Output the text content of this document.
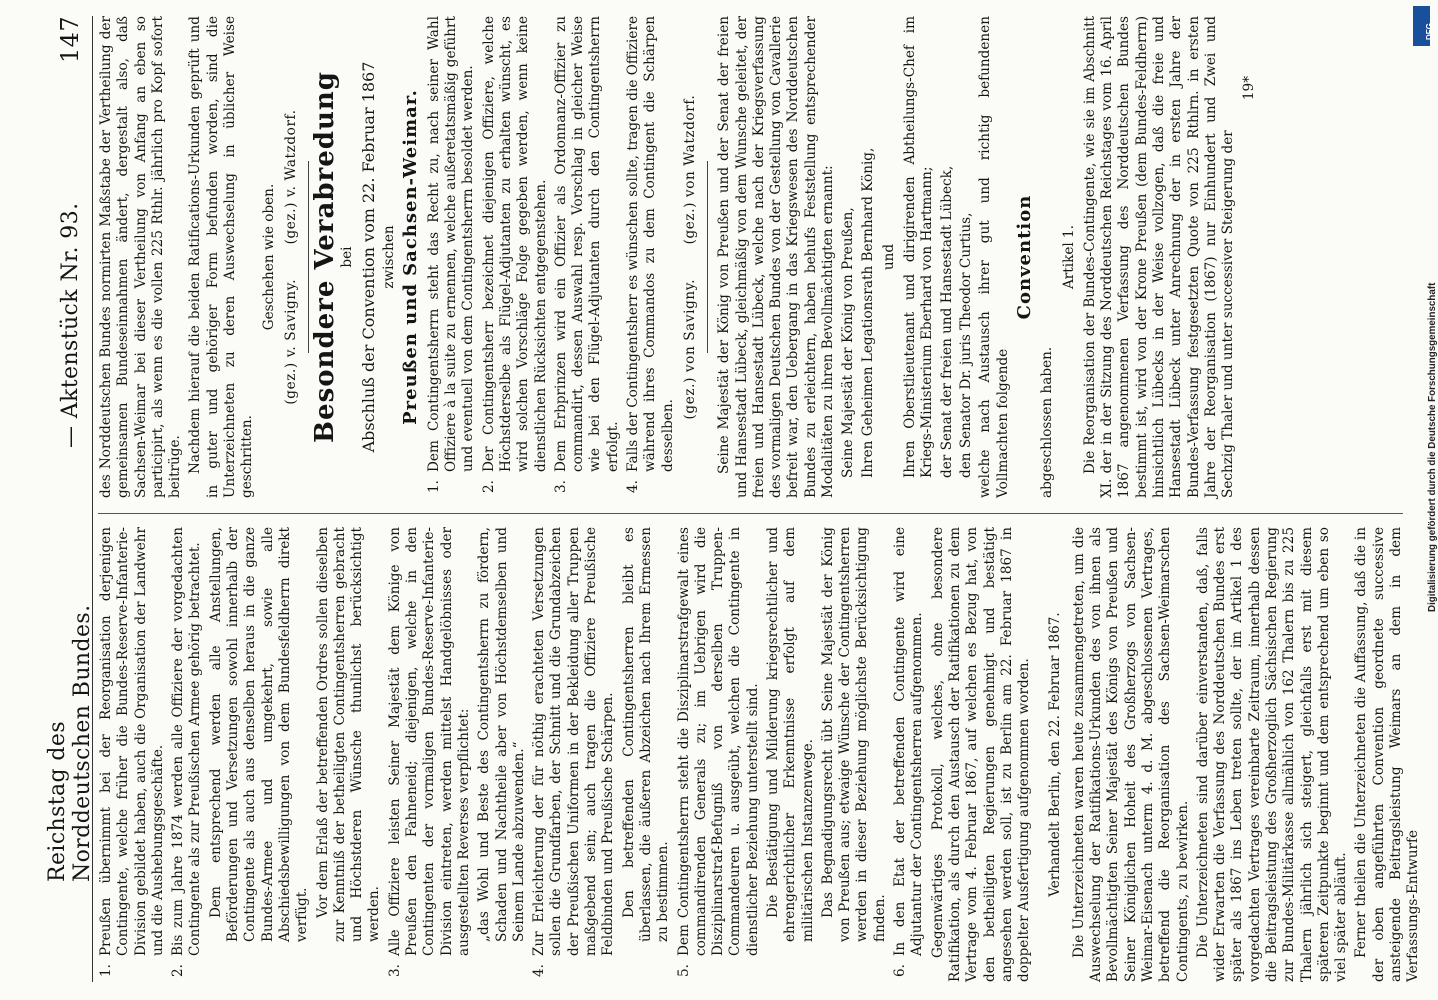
Reichstag des Norddeutschen Bundes.
— Aktenstück Nr. 93.
147
1.
Preußen übernimmt bei der Reorganisation derjenigen Contingente, welche früher die Bundes-Reserve-Infanterie-Division gebildet haben, auch die Organisation der Landwehr und die Aushebungsgeschäfte.
2.
Bis zum Jahre 1874 werden alle Offiziere der vorgedachten Contingente als zur Preußischen Armee gehörig betrachtet. Dem entsprechend werden alle Anstellungen, Beförderungen und Versetzungen sowohl innerhalb der Contingente als auch aus denselben heraus in die ganze Bundes-Armee und umgekehrt, sowie alle Abschiedsbewilligungen von dem Bundesfeldherrn direkt verfügt. Vor dem Erlaß der betreffenden Ordres sollen dieselben zur Kenntniß der betheiligten Contingentsherren gebracht und Höchstderen Wünsche thunlichst berücksichtigt werden.

3.
Alle Offiziere leisten Seiner Majestät dem Könige von Preußen den Fahneneid; diejenigen, welche in den Contingenten der vormaligen Bundes-Reserve-Infanterie-Division eintreten, werden mittelst Handgelöbnisses oder ausgestellten Reverses verpflichtet: „das Wohl und Beste des Contingentsherrn zu fördern, Schaden und Nachtheile aber von Höchstdemselben und Seinem Lande abzuwenden.“

4.
Zur Erleichterung der für nöthig erachteten Versetzungen sollen die Grundfarben, der Schnitt und die Grundabzeichen der Preußischen Uniformen in der Bekleidung aller Truppen maßgebend sein; auch tragen die Offiziere Preußische Feldbinden und Preußische Schärpen. Den betreffenden Contingentsherren bleibt es überlassen, die äußeren Abzeichen nach Ihrem Ermessen zu bestimmen.

5.
Dem Contingentsherrn steht die Disziplinarstrafgewalt eines commandirenden Generals zu; im Uebrigen wird die Disziplinarstraf-Befugniß von derselben Truppen-Commandeuren u. ausgeübt, welchen die Contingente in dienstlicher Beziehung unterstellt sind. Die Bestätigung und Milderung kriegsrechtlicher und ehrengerichtlicher Erkenntnisse erfolgt auf dem militärischen Instanzenwege. Das Begnadigungsrecht übt Seine Majestät der König von Preußen aus; etwaige Wünsche der Contingentsherren werden in dieser Beziehung möglichste Berücksichtigung finden.

6.
In den Etat der betreffenden Contingente wird eine Adjutantur der Contingentsherren aufgenommen. Gegenwärtiges Protokoll, welches, ohne besondere Ratifikation, als durch den Austausch der Ratifikationen zu dem Vertrage vom 4. Februar 1867, auf welchen es Bezug hat, von den betheiligten Regierungen genehmigt und bestätigt angesehen werden soll, ist zu Berlin am 22. Februar 1867 in doppelter Ausfertigung aufgenommen worden. Verhandelt Berlin, den 22. Februar 1867. Die Unterzeichneten waren heute zusammengetreten, um die Auswechselung der Ratifikations-Urkunden des von ihnen als Bevollmächtigten Seiner Majestät des Königs von Preußen und Seiner Königlichen Hoheit des Großherzogs von Sachsen-Weimar-Eisenach unterm 4. d. M. abgeschlossenen Vertrages, betreffend die Reorganisation des Sachsen-Weimarschen Contingents, zu bewirken. Die Unterzeichneten sind darüber einverstanden, daß, falls wider Erwarten die Verfassung des Norddeutschen Bundes erst später als 1867 ins Leben treten sollte, der im Artikel 1 des vorgedachten Vertrages vereinbarte Zeitraum, innerhalb dessen die Beitragsleistung des Großherzoglich Sächsischen Regierung zur Bundes-Militärkasse allmählich von 162 Thalern bis zu 225 Thalern jährlich sich steigert, gleichfalls erst mit diesem späteren Zeitpunkte beginnt und dem entsprechend um eben so viel später abläuft. Ferner theilen die Unterzeichneten die Auffassung, daß die in der oben angeführten Convention geordnete successive ansteigende Beitragsleistung Weimars an dem in dem Verfassungs-Entwurfe

des Norddeutschen Bundes normirten Maßstabe der Vertheilung der gemeinsamen Bundeseinnahmen ändert, dergestalt also, daß Sachsen-Weimar bei dieser Vertheilung von Anfang an eben so participirt, als wenn es die vollen 225 Rthlr. jährlich pro Kopf sofort beitrüge. Nachdem hierauf die beiden Ratifications-Urkunden geprüft und in guter und gehöriger Form befunden worden, sind die Unterzeichneten zu deren Auswechselung in üblicher Weise geschritten.

Geschehen wie oben.

(gez.) v. Savigny.       (gez.) v. Watzdorf. Besondere Verabredung
bei Abschluß der Convention vom 22. Februar 1867 zwischen Preußen und Sachsen-Weimar.
1.
Dem Contingentsherrn steht das Recht zu, nach seiner Wahl Offiziere à la suite zu ernennen, welche außeretatsmäßig geführt und eventuell von dem Contingentsherrn besoldet werden.
2.
Der Contingentsherr bezeichnet diejenigen Offiziere, welche Höchstderselbe als Flügel-Adjutanten zu erhalten wünscht, es wird solchen Vorschläge Folge gegeben werden, wenn keine dienstlichen Rücksichten entgegenstehen.
3.
Dem Erbprinzen wird ein Offizier als Ordonnanz-Offizier zu commandirt, dessen Auswahl resp. Vorschlag in gleicher Weise wie bei den Flügel-Adjutanten durch den Contingentsherrn erfolgt.
4.
Falls der Contingentsherr es wünschen sollte, tragen die Offiziere während ihres Commandos zu dem Contingent die Schärpen desselben.
(gez.) von Savigny.       (gez.) von Watzdorf. Seine Majestät der König von Preußen und der Senat der freien und Hansestadt Lübeck, gleichmäßig von dem Wunsche geleitet, der freien und Hansestadt Lübeck, welche nach der Kriegsverfassung des vormaligen Deutschen Bundes von der Gestellung von Cavallerie befreit war, den Uebergang in das Kriegswesen des Norddeutschen Bundes zu erleichtern, haben behufs Feststellung entsprechender Modalitäten zu ihren Bevollmächtigten ernannt: Seine Majestät der König von Preußen, Ihren Geheimen Legationsrath Bernhard König, und Ihren Oberstlieutenant und dirigirenden Abtheilungs-Chef im Kriegs-Ministerium Eberhard von Hartmann; der Senat der freien und Hansestadt Lübeck, den Senator Dr. juris Theodor Curtius, welche nach Austausch ihrer gut und richtig befundenen Vollmachten folgende

Convention

abgeschlossen haben.

Artikel 1. Die Reorganisation der Bundes-Contingente, wie sie im Abschnitt XI. der in der Sitzung des Norddeutschen Reichstages vom 16. April 1867 angenommenen Verfassung des Norddeutschen Bundes bestimmt ist, wird von der Krone Preußen (dem Bundes-Feldherrn) hinsichtlich Lübecks in der Weise vollzogen, daß die freie und Hansestadt Lübeck unter Anrechnung der in ersten Jahre der Bundes-Verfassung festgesetzten Quote von 225 Rthlrn. in ersten Jahre der Reorganisation (1867) nur Einhundert und Zwei und Sechzig Thaler und unter successiver Steigerung der

19*

DFG
Digitalisierung gefördert durch die Deutsche Forschungsgemeinschaft
